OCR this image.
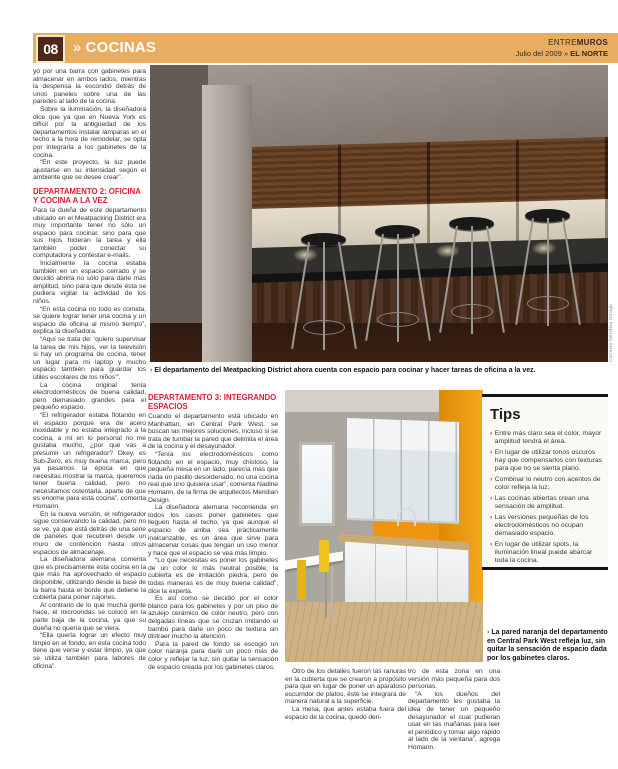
08 » COCINAS	ENTREMUROS
Julio del 2009 » EL NORTE
Cortesía Meridian Design
› El departamento del Meatpacking District ahora cuenta con espacio para cocinar y hacer tareas de oficina a la vez.

yó por una barra con gabinetes para almacenar en ambos lados, mientras la despensa la escondió detrás de unos paneles sobre una de las paredes al lado de la cocina.

Sobre la iluminación, la diseñadora dice que ya que en Nueva York es difícil por la antigüedad de los departamentos instalar lámparas en el techo a la hora de remodelar, se opta por integrarla a los gabinetes de la cocina.

“En este proyecto, la luz puede ajustarse en su intensidad según el ambiente que se desee crear”.

DEPARTAMENTO 2: OFICINA Y COCINA A LA VEZ

Para la dueña de este departamento ubicado en el Meatpacking District era muy importante tener no sólo un espacio para cocinar, sino para que sus hijos hicieran la tarea y ella también poder conectar su computadora y contestar e-mails.

Inicialmente la cocina estaba también en un espacio cerrado y se decidió abrirla no sólo para darle más amplitud, sino para que desde ésta se pudiera vigilar la actividad de los niños.

“En esta cocina no todo es comida, se quiere lograr tener una cocina y un espacio de oficina al mismo tiempo”, explica la diseñadora.

“Aquí se trata de: ‘quiero supervisar la tarea de mis hijos, ver la televisión si hay un programa de cocina, tener un lugar para mi laptop y mucho espacio también para guardar los útiles escolares de los niños’”.

La cocina original tenía electrodomésticos de buena calidad, pero demasiado grandes para el pequeño espacio.

“El refrigerador estaba flotando en el espacio porque era de acero inoxidable y no estaba integrado a la cocina, a mí en lo personal no me gustaba mucho, ¿por qué vas a presumir un refrigerador? Okey, es Sub-Zero, es muy buena marca, pero ya pasamos la época en que necesitas mostrar la marca, queremos tener buena calidad, pero no necesitamos ostentarla, aparte de que es enorme para esta cocina”, comenta Homann.

En la nueva versión, el refrigerador sigue conservando la calidad, pero no se ve, ya que está detrás de una serie de paneles que recubren desde un muro de contención hasta otros espacios de almacenaje.

La diseñadora alemana comenta que es precisamente esta cocina en la que más ha aprovechado el espacio disponible, utilizando desde la base de la barra hasta el borde que detiene la cubierta para poner cajones.

Al contrario de lo que mucha gente hace, el microondas se colocó en la parte baja de la cocina, ya que su dueña no quería que se viera.

“Ella quería lograr un efecto muy limpio en el fondo, en esta cocina todo tiene que verse y estar limpio, ya que se utiliza también para labores de oficina”.

DEPARTAMENTO 3: INTEGRANDO ESPACIOS

Cuando el departamento está ubicado en Manhattan, en Central Park West, se buscan las mejores soluciones, incluso si se trata de tumbar la pared que delimita el área de la cocina y el desayunador.

“Tenía los electrodomésticos como flotando en el espacio, muy chistoso, la pequeña mesa en un lado, parecía más que nada un pasillo desordenado, no una cocina real que uno quisiera usar”, comenta Nadine Homann, de la firma de arquitectos Meridian Design.

La diseñadora alemana recomienda en todos los casos poner gabinetes que lleguen hasta el techo, ya que aunque el espacio de arriba sea prácticamente inalcanzable, es un área que sirve para almacenar cosas que tengan un uso menor y hace que el espacio se vea más limpio.

“Lo que necesitas es poner los gabinetes de un color lo más neutral posible, la cubierta es de imitación piedra, pero de todas maneras es de muy buena calidad”, dice la experta.

Es así como se decidió por el color blanco para los gabinetes y por un piso de azulejo cerámico de color neutro, pero con delgadas líneas que se cruzan imitando el bambú para darle un poco de textura sin distraer mucho la atención.

Para la pared de fondo se escogió un color naranja para darle un poco más de color y reflejar la luz, sin quitar la sensación de espacio creada por los gabinetes claros.

Tips
› Entre más claro sea el color, mayor amplitud tendrá el área.
› En lugar de utilizar tonos oscuros hay que compensarlos con texturas para que no se sienta plano.
› Combinar lo neutro con acentos de color refleja la luz.
› Las cocinas abiertas crean una sensación de amplitud.
› Las versiones pequeñas de los electrodomésticos no ocupan demasiado espacio.
› En lugar de utilizar spots, la iluminación lineal puede abarcar toda la cocina.
› La pared naranja del departamento en Central Park West refleja luz, sin quitar la sensación de espacio dada por los gabinetes claros.

Otro de los detalles fueron las ranuras en la cubierta que se crearon a propósito para que en lugar de poner un aparatoso escurridor de platos, éste se integrara de manera natural a la superficie.

La mesa, que antes estaba fuera del espacio de la cocina, quedó den-

tro de esta zona en una versión más pequeña para dos personas.

“A los dueños del departamento les gustaba la idea de tener un pequeño desayunador el cual pudieran usar en las mañanas para leer el periódico y tomar algo rápido al lado de la ventana”, agrega Homann.
